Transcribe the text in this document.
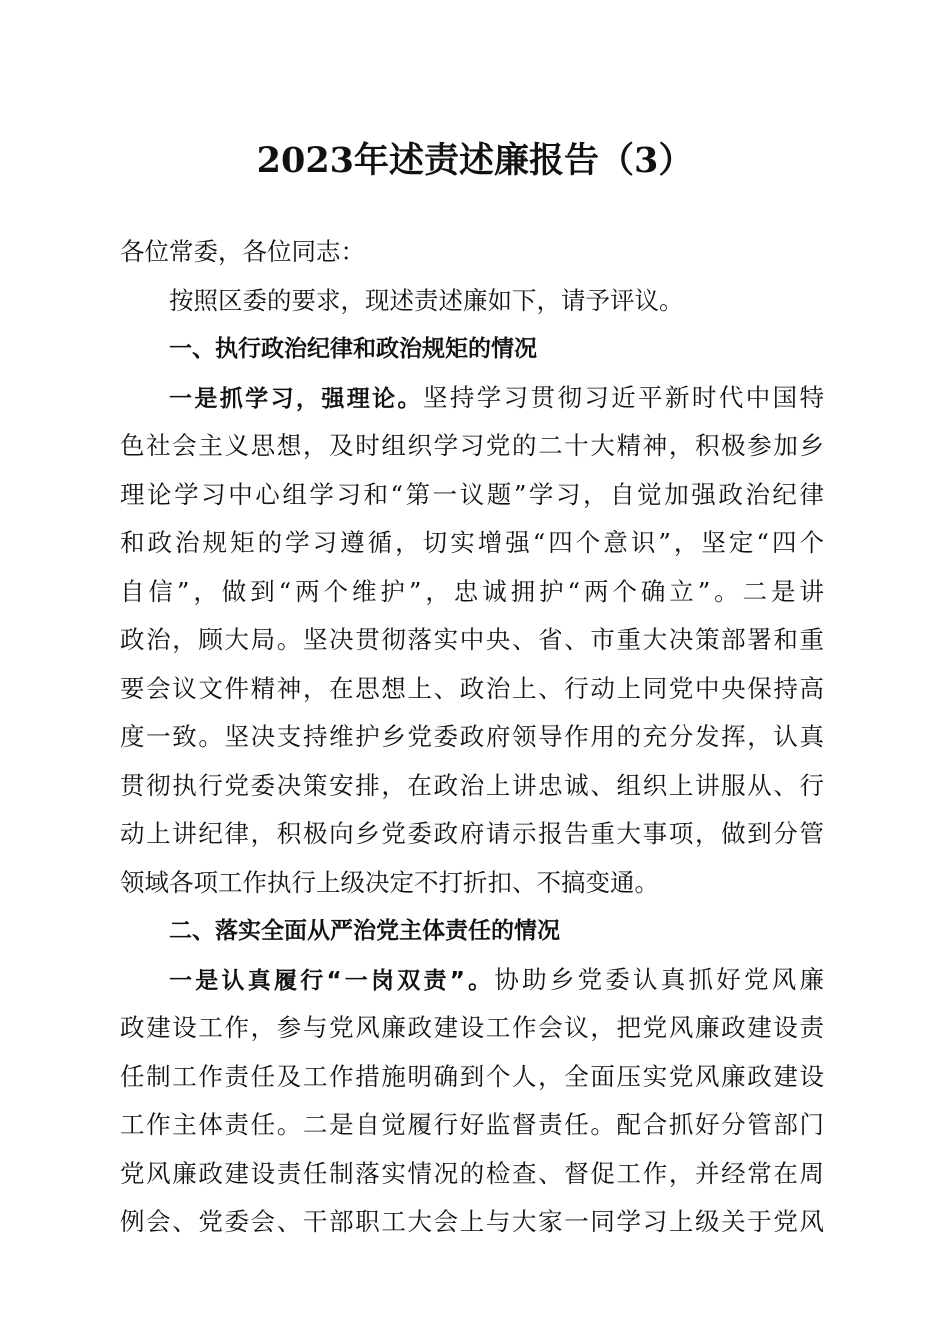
2023年述责述廉报告（3）
各位常委，各位同志：
按照区委的要求，现述责述廉如下，请予评议。
一、执行政治纪律和政治规矩的情况
一是抓学习，强理论。坚持学习贯彻习近平新时代中国特
色社会主义思想，及时组织学习党的二十大精神，积极参加乡
理论学习中心组学习和“第一议题”学习，自觉加强政治纪律
和政治规矩的学习遵循，切实增强“四个意识”，坚定“四个
自信”，做到“两个维护”，忠诚拥护“两个确立”。二是讲
政治，顾大局。坚决贯彻落实中央、省、市重大决策部署和重
要会议文件精神，在思想上、政治上、行动上同党中央保持高
度一致。坚决支持维护乡党委政府领导作用的充分发挥，认真
贯彻执行党委决策安排，在政治上讲忠诚、组织上讲服从、行
动上讲纪律，积极向乡党委政府请示报告重大事项，做到分管
领域各项工作执行上级决定不打折扣、不搞变通。
二、落实全面从严治党主体责任的情况
一是认真履行“一岗双责”。协助乡党委认真抓好党风廉
政建设工作，参与党风廉政建设工作会议，把党风廉政建设责
任制工作责任及工作措施明确到个人，全面压实党风廉政建设
工作主体责任。二是自觉履行好监督责任。配合抓好分管部门
党风廉政建设责任制落实情况的检查、督促工作，并经常在周
例会、党委会、干部职工大会上与大家一同学习上级关于党风
